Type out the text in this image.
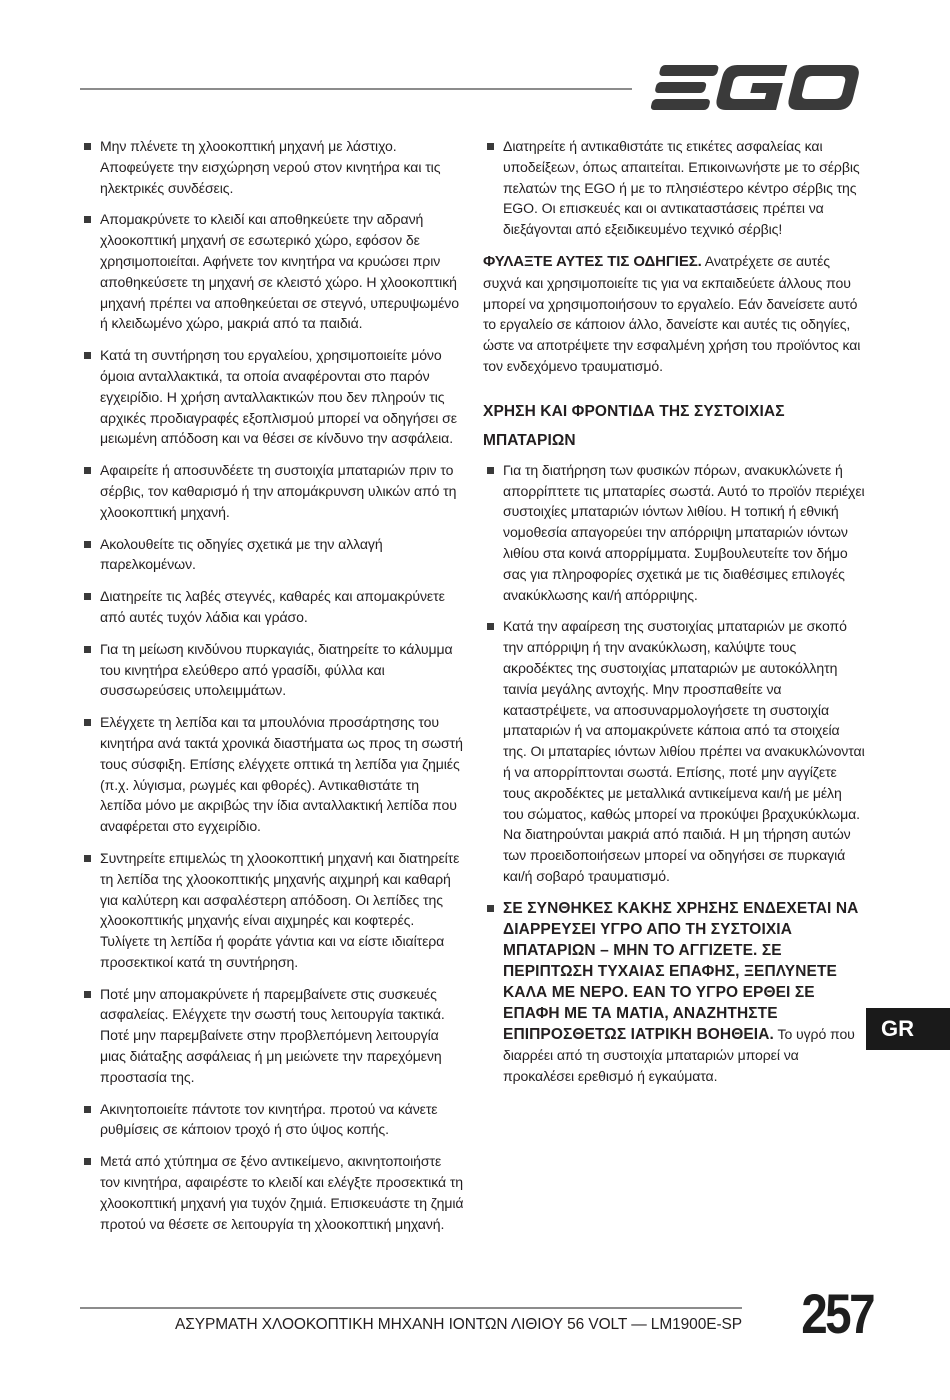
Μην πλένετε τη χλοοκοπτική μηχανή με λάστιχο. Αποφεύγετε την εισχώρηση νερού στον κινητήρα και τις ηλεκτρικές συνδέσεις.
Απομακρύνετε το κλειδί και αποθηκεύετε την αδρανή χλοοκοπτική μηχανή σε εσωτερικό χώρο, εφόσον δε χρησιμοποιείται. Αφήνετε τον κινητήρα να κρυώσει πριν αποθηκεύσετε τη μηχανή σε κλειστό χώρο. Η χλοοκοπτική μηχανή πρέπει να αποθηκεύεται σε στεγνό, υπερυψωμένο ή κλειδωμένο χώρο, μακριά από τα παιδιά.
Κατά τη συντήρηση του εργαλείου, χρησιμοποιείτε μόνο όμοια ανταλλακτικά, τα οποία αναφέρονται στο παρόν εγχειρίδιο. Η χρήση ανταλλακτικών που δεν πληρούν τις αρχικές προδιαγραφές εξοπλισμού μπορεί να οδηγήσει σε μειωμένη απόδοση και να θέσει σε κίνδυνο την ασφάλεια.
Αφαιρείτε ή αποσυνδέετε τη συστοιχία μπαταριών πριν το σέρβις, τον καθαρισμό ή την απομάκρυνση υλικών από τη χλοοκοπτική μηχανή.
Ακολουθείτε τις οδηγίες σχετικά με την αλλαγή παρελκομένων.
Διατηρείτε τις λαβές στεγνές, καθαρές και απομακρύνετε από αυτές τυχόν λάδια και γράσο.
Για τη μείωση κινδύνου πυρκαγιάς, διατηρείτε το κάλυμμα του κινητήρα ελεύθερο από γρασίδι, φύλλα και συσσωρεύσεις υπολειμμάτων.
Ελέγχετε τη λεπίδα και τα μπουλόνια προσάρτησης του κινητήρα ανά τακτά χρονικά διαστήματα ως προς τη σωστή τους σύσφιξη. Επίσης ελέγχετε οπτικά τη λεπίδα για ζημιές (π.χ. λύγισμα, ρωγμές και φθορές). Αντικαθιστάτε τη λεπίδα μόνο με ακριβώς την ίδια ανταλλακτική λεπίδα που αναφέρεται στο εγχειρίδιο.
Συντηρείτε επιμελώς τη χλοοκοπτική μηχανή και διατηρείτε τη λεπίδα της χλοοκοπτικής μηχανής αιχμηρή και καθαρή για καλύτερη και ασφαλέστερη απόδοση. Οι λεπίδες της χλοοκοπτικής μηχανής είναι αιχμηρές και κοφτερές. Τυλίγετε τη λεπίδα ή φοράτε γάντια και να είστε ιδιαίτερα προσεκτικοί κατά τη συντήρηση.
Ποτέ μην απομακρύνετε ή παρεμβαίνετε στις συσκευές ασφαλείας. Ελέγχετε την σωστή τους λειτουργία τακτικά. Ποτέ μην παρεμβαίνετε στην προβλεπόμενη λειτουργία μιας διάταξης ασφάλειας ή μη μειώνετε την παρεχόμενη προστασία της.
Ακινητοποιείτε πάντοτε τον κινητήρα. προτού να κάνετε ρυθμίσεις σε κάποιον τροχό ή στο ύψος κοπής.
Μετά από χτύπημα σε ξένο αντικείμενο, ακινητοποιήστε τον κινητήρα, αφαιρέστε το κλειδί και ελέγξτε προσεκτικά τη χλοοκοπτική μηχανή για τυχόν ζημιά. Επισκευάστε τη ζημιά προτού να θέσετε σε λειτουργία τη χλοοκοπτική μηχανή.
Διατηρείτε ή αντικαθιστάτε τις ετικέτες ασφαλείας και υποδείξεων, όπως απαιτείται. Επικοινωνήστε με το σέρβις πελατών της EGO ή με το πλησιέστερο κέντρο σέρβις της EGO. Οι επισκευές και οι αντικαταστάσεις πρέπει να διεξάγονται από εξειδικευμένο τεχνικό σέρβις!

ΦΥΛΑΞΤΕ ΑΥΤΕΣ ΤΙΣ ΟΔΗΓΙΕΣ. Ανατρέχετε σε αυτές συχνά και χρησιμοποιείτε τις για να εκπαιδεύετε άλλους που μπορεί να χρησιμοποιήσουν το εργαλείο. Εάν δανείσετε αυτό το εργαλείο σε κάποιον άλλο, δανείστε και αυτές τις οδηγίες, ώστε να αποτρέψετε την εσφαλμένη χρήση του προϊόντος και τον ενδεχόμενο τραυματισμό.

ΧΡΗΣΗ ΚΑΙ ΦΡΟΝΤΙΔΑ ΤΗΣ ΣΥΣΤΟΙΧΙΑΣ ΜΠΑΤΑΡΙΩΝ
Για τη διατήρηση των φυσικών πόρων, ανακυκλώνετε ή απορρίπτετε τις μπαταρίες σωστά. Αυτό το προϊόν περιέχει συστοιχίες μπαταριών ιόντων λιθίου. Η τοπική ή εθνική νομοθεσία απαγορεύει την απόρριψη μπαταριών ιόντων λιθίου στα κοινά απορρίμματα. Συμβουλευτείτε τον δήμο σας για πληροφορίες σχετικά με τις διαθέσιμες επιλογές ανακύκλωσης και/ή απόρριψης.
Κατά την αφαίρεση της συστοιχίας μπαταριών με σκοπό την απόρριψη ή την ανακύκλωση, καλύψτε τους ακροδέκτες της συστοιχίας μπαταριών με αυτοκόλλητη ταινία μεγάλης αντοχής. Μην προσπαθείτε να καταστρέψετε, να αποσυναρμολογήσετε τη συστοιχία μπαταριών ή να απομακρύνετε κάποια από τα στοιχεία της. Οι μπαταρίες ιόντων λιθίου πρέπει να ανακυκλώνονται ή να απορρίπτονται σωστά. Επίσης, ποτέ μην αγγίζετε τους ακροδέκτες με μεταλλικά αντικείμενα και/ή με μέλη του σώματος, καθώς μπορεί να προκύψει βραχυκύκλωμα. Να διατηρούνται μακριά από παιδιά. Η μη τήρηση αυτών των προειδοποιήσεων μπορεί να οδηγήσει σε πυρκαγιά και/ή σοβαρό τραυματισμό.
ΣΕ ΣΥΝΘΗΚΕΣ ΚΑΚΗΣ ΧΡΗΣΗΣ ΕΝΔΕΧΕΤΑΙ ΝΑ ΔΙΑΡΡΕΥΣΕΙ ΥΓΡΟ ΑΠΟ ΤΗ ΣΥΣΤΟΙΧΙΑ ΜΠΑΤΑΡΙΩΝ – ΜΗΝ ΤΟ ΑΓΓΙΖΕΤΕ. ΣΕ ΠΕΡΙΠΤΩΣΗ ΤΥΧΑΙΑΣ ΕΠΑΦΗΣ, ΞΕΠΛΥΝΕΤΕ ΚΑΛΑ ΜΕ ΝΕΡΟ. ΕΑΝ ΤΟ ΥΓΡΟ ΕΡΘΕΙ ΣΕ ΕΠΑΦΗ ΜΕ ΤΑ ΜΑΤΙΑ, ΑΝΑΖΗΤΗΣΤΕ ΕΠΙΠΡΟΣΘΕΤΩΣ ΙΑΤΡΙΚΗ ΒΟΗΘΕΙΑ. Το υγρό που διαρρέει από τη συστοιχία μπαταριών μπορεί να προκαλέσει ερεθισμό ή εγκαύματα.
GR
ΑΣΥΡΜΑΤΗ ΧΛΟΟΚΟΠΤΙΚΗ ΜΗΧΑΝΗ ΙΟΝΤΩΝ ΛΙΘΙΟΥ 56 VOLT — LM1900E-SP 257
